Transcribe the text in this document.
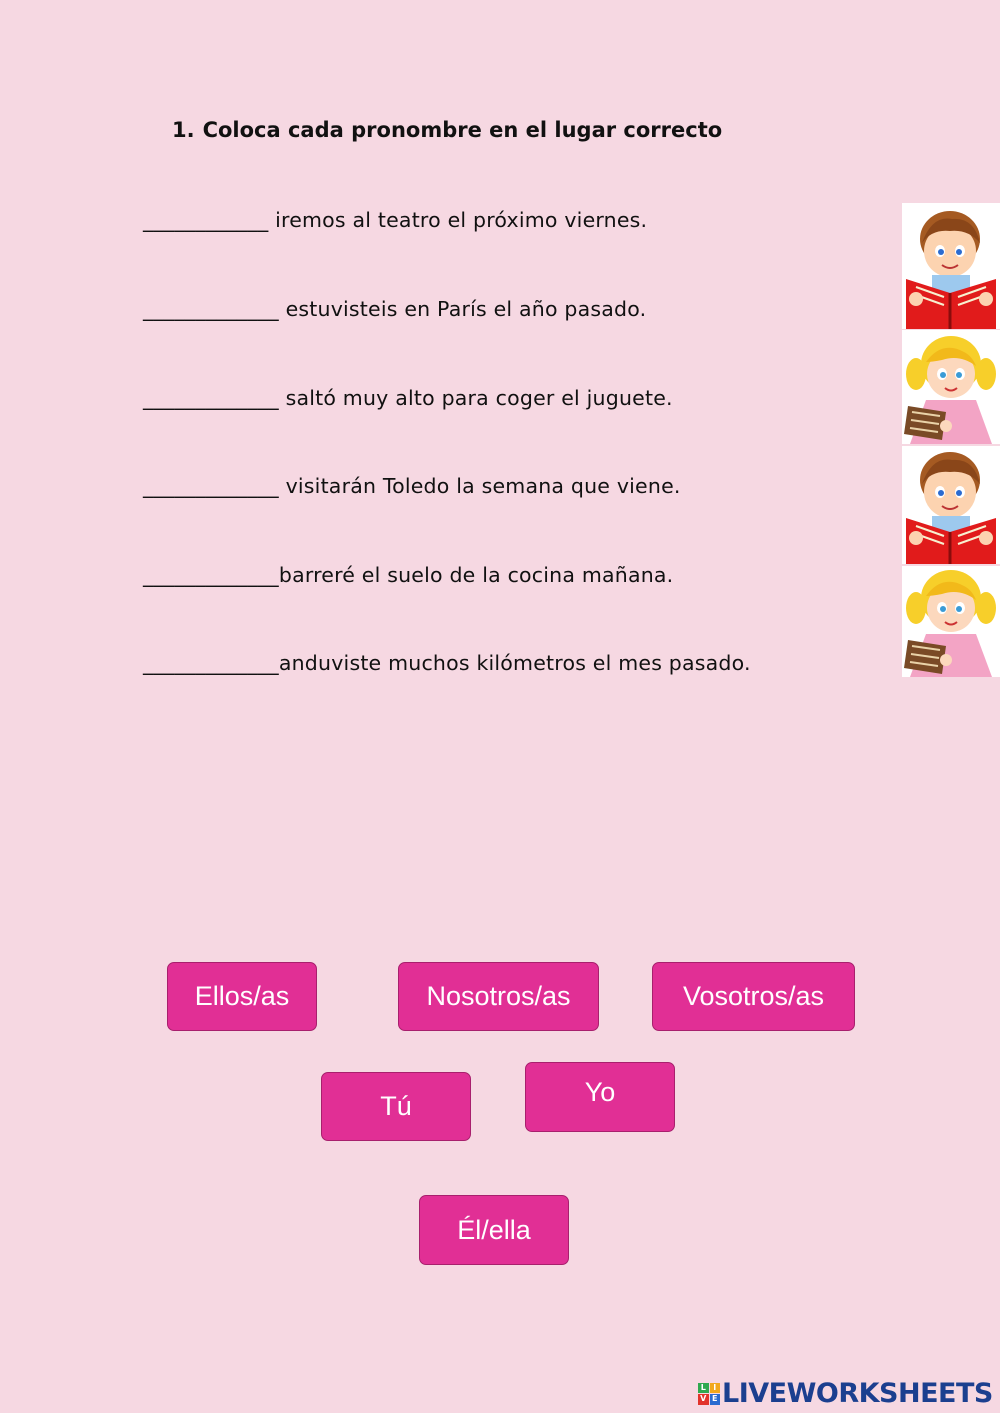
1. Coloca cada pronombre en el lugar correcto
____________ iremos al teatro el próximo viernes.
_____________ estuvisteis en París el año pasado.
_____________ saltó muy alto para coger el juguete.
_____________ visitarán Toledo la semana que viene.
_____________barreré el suelo de la cocina mañana.
_____________anduviste muchos kilómetros el mes pasado.
Ellos/as	Nosotros/as	Vosotros/as
Tú	Yo
Él/ella
L I
V E LIVEWORKSHEETS
